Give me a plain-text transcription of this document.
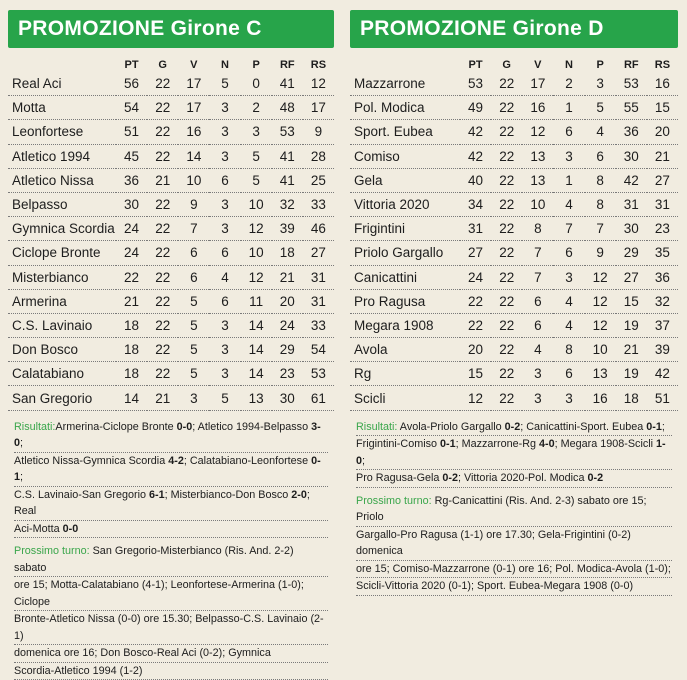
PROMOZIONE Girone C
	PT	G	V	N	P	RF	RS
Real Aci	56	22	17	5	0	41	12
Motta	54	22	17	3	2	48	17
Leonfortese	51	22	16	3	3	53	9
Atletico 1994	45	22	14	3	5	41	28
Atletico Nissa	36	21	10	6	5	41	25
Belpasso	30	22	9	3	10	32	33
Gymnica Scordia	24	22	7	3	12	39	46
Ciclope Bronte	24	22	6	6	10	18	27
Misterbianco	22	22	6	4	12	21	31
Armerina	21	22	5	6	11	20	31
C.S. Lavinaio	18	22	5	3	14	24	33
Don Bosco	18	22	5	3	14	29	54
Calatabiano	18	22	5	3	14	23	53
San Gregorio	14	21	3	5	13	30	61
Risultati:Armerina-Ciclope Bronte 0-0; Atletico 1994-Belpasso 3-0;
Atletico Nissa-Gymnica Scordia 4-2; Calatabiano-Leonfortese 0-1;
C.S. Lavinaio-San Gregorio 6-1; Misterbianco-Don Bosco 2-0; Real
Aci-Motta 0-0
Prossimo turno: San Gregorio-Misterbianco (Ris. And. 2-2) sabato
ore 15; Motta-Calatabiano (4-1); Leonfortese-Armerina (1-0); Ciclope
Bronte-Atletico Nissa (0-0) ore 15.30; Belpasso-C.S. Lavinaio (2-1)
domenica ore 16; Don Bosco-Real Aci (0-2); Gymnica
Scordia-Atletico 1994 (1-2)
PROMOZIONE Girone D
	PT	G	V	N	P	RF	RS
Mazzarrone	53	22	17	2	3	53	16
Pol. Modica	49	22	16	1	5	55	15
Sport. Eubea	42	22	12	6	4	36	20
Comiso	42	22	13	3	6	30	21
Gela	40	22	13	1	8	42	27
Vittoria 2020	34	22	10	4	8	31	31
Frigintini	31	22	8	7	7	30	23
Priolo Gargallo	27	22	7	6	9	29	35
Canicattini	24	22	7	3	12	27	36
Pro Ragusa	22	22	6	4	12	15	32
Megara 1908	22	22	6	4	12	19	37
Avola	20	22	4	8	10	21	39
Rg	15	22	3	6	13	19	42
Scicli	12	22	3	3	16	18	51
Risultati: Avola-Priolo Gargallo 0-2; Canicattini-Sport. Eubea 0-1;
Frigintini-Comiso 0-1; Mazzarrone-Rg 4-0; Megara 1908-Scicli 1-0;
Pro Ragusa-Gela 0-2; Vittoria 2020-Pol. Modica 0-2
Prossimo turno: Rg-Canicattini (Ris. And. 2-3) sabato ore 15; Priolo
Gargallo-Pro Ragusa (1-1) ore 17.30; Gela-Frigintini (0-2) domenica
ore 15; Comiso-Mazzarrone (0-1) ore 16; Pol. Modica-Avola (1-0);
Scicli-Vittoria 2020 (0-1); Sport. Eubea-Megara 1908 (0-0)
